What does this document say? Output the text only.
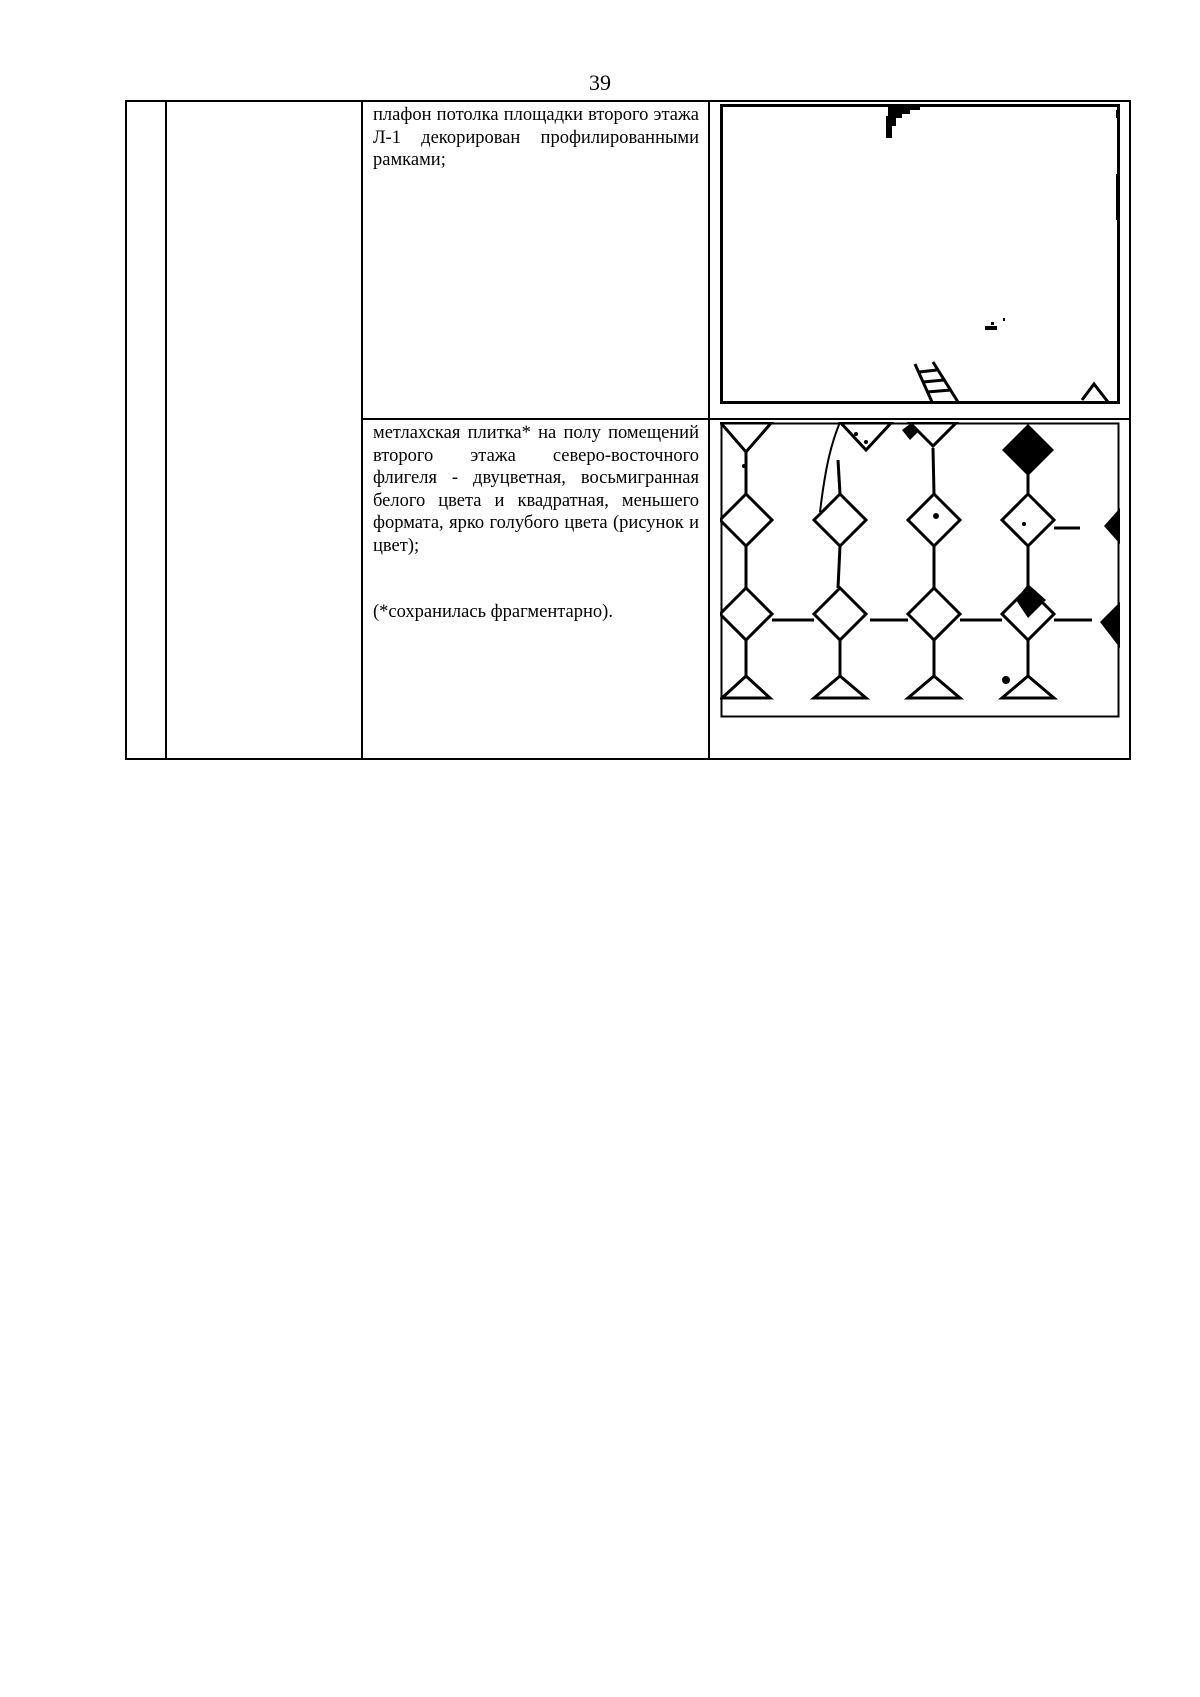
39

		плафон потолка площадки второго этажа Л-1 декорирован профилированными рамками;

		метлахская плитка* на полу помещений второго этажа северо-восточного флигеля - двуцветная, восьмигранная белого цвета и квадратная, меньшего формата, ярко голубого цвета (рисунок и цвет);

(*сохранилась фрагментарно).
